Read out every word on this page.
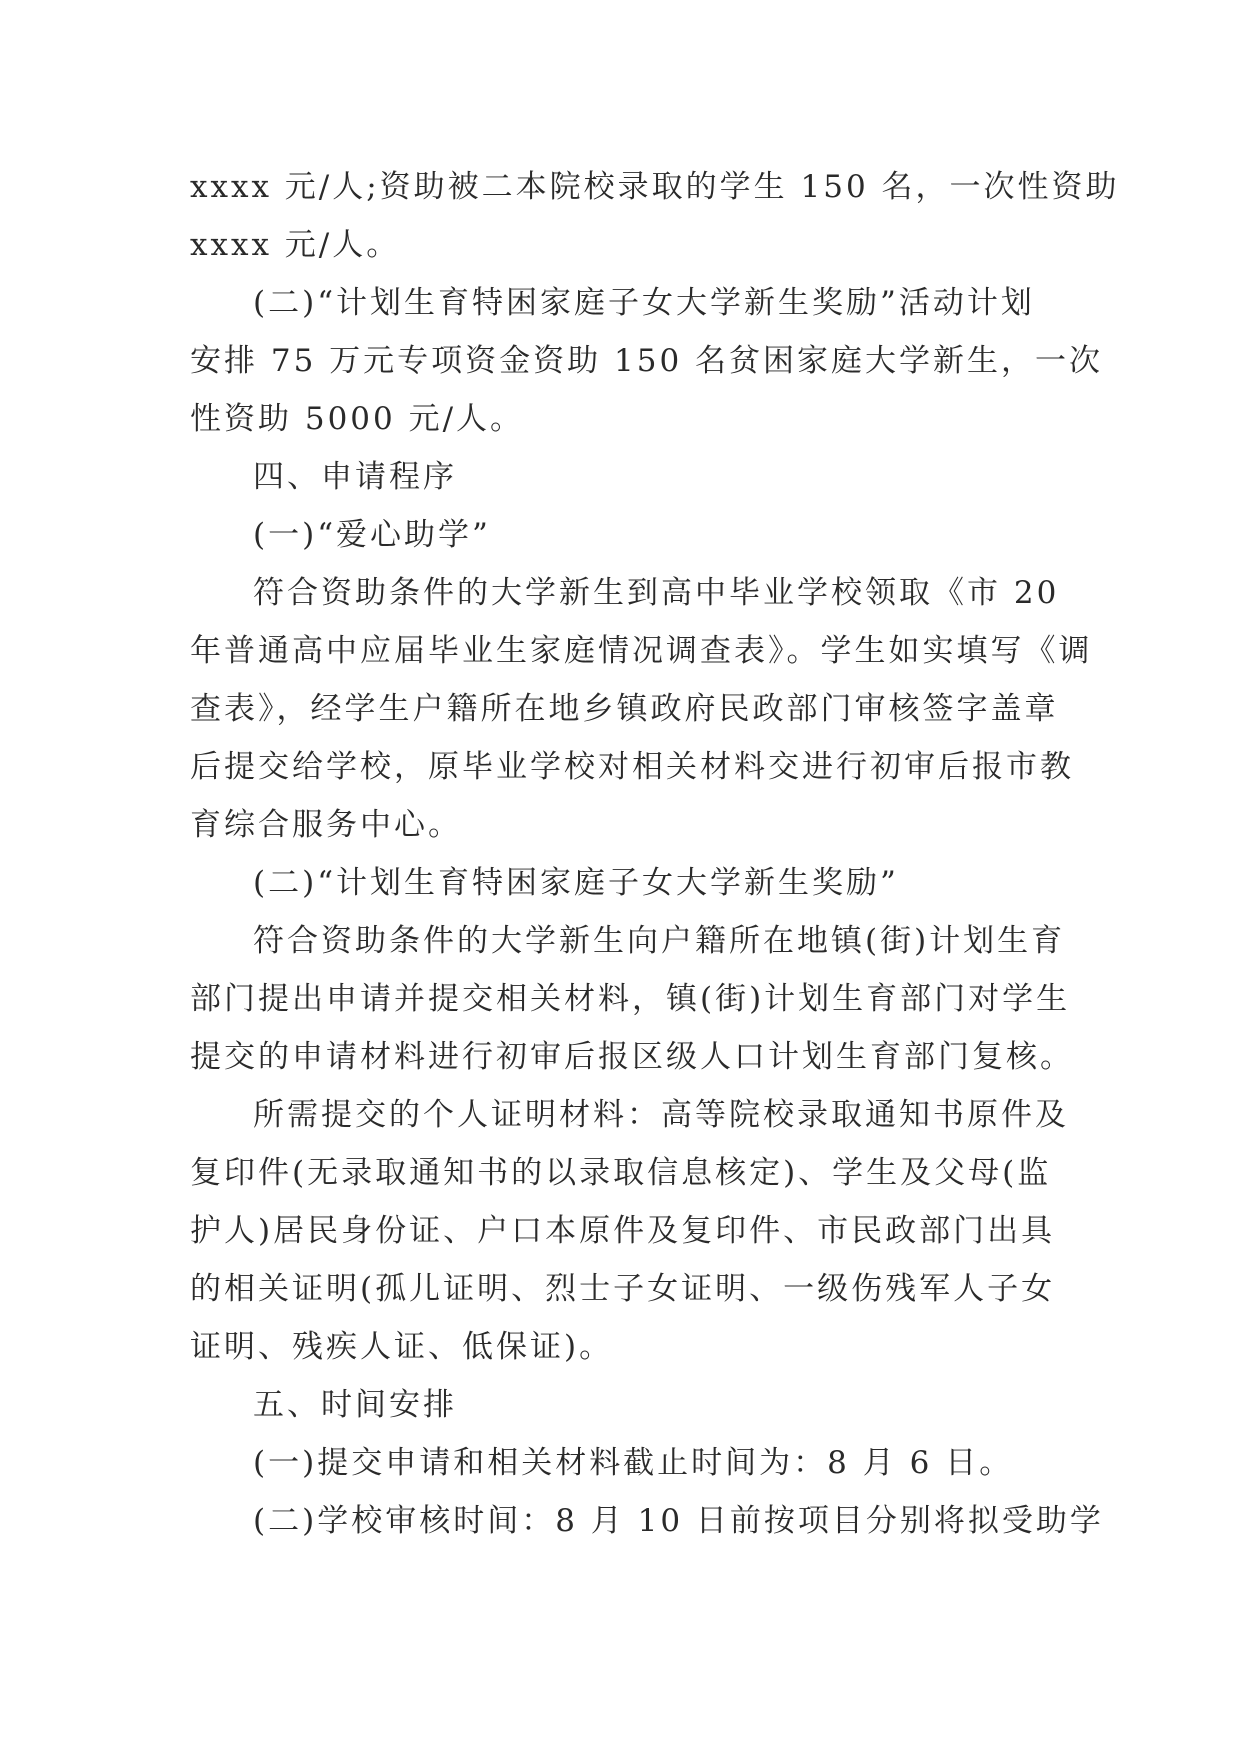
xxxx 元/人;资助被二本院校录取的学生 150 名，一次性资助
xxxx 元/人。
(二)“计划生育特困家庭子女大学新生奖励”活动计划
安排 75 万元专项资金资助 150 名贫困家庭大学新生，一次
性资助 5000 元/人。
四、申请程序
(一)“爱心助学”
符合资助条件的大学新生到高中毕业学校领取《市 20
年普通高中应届毕业生家庭情况调查表》。学生如实填写《调
查表》，经学生户籍所在地乡镇政府民政部门审核签字盖章
后提交给学校，原毕业学校对相关材料交进行初审后报市教
育综合服务中心。
(二)“计划生育特困家庭子女大学新生奖励”
符合资助条件的大学新生向户籍所在地镇(街)计划生育
部门提出申请并提交相关材料，镇(街)计划生育部门对学生
提交的申请材料进行初审后报区级人口计划生育部门复核。
所需提交的个人证明材料：高等院校录取通知书原件及
复印件(无录取通知书的以录取信息核定)、学生及父母(监
护人)居民身份证、户口本原件及复印件、市民政部门出具
的相关证明(孤儿证明、烈士子女证明、一级伤残军人子女
证明、残疾人证、低保证)。
五、时间安排
(一)提交申请和相关材料截止时间为：8 月 6 日。
(二)学校审核时间：8 月 10 日前按项目分别将拟受助学
